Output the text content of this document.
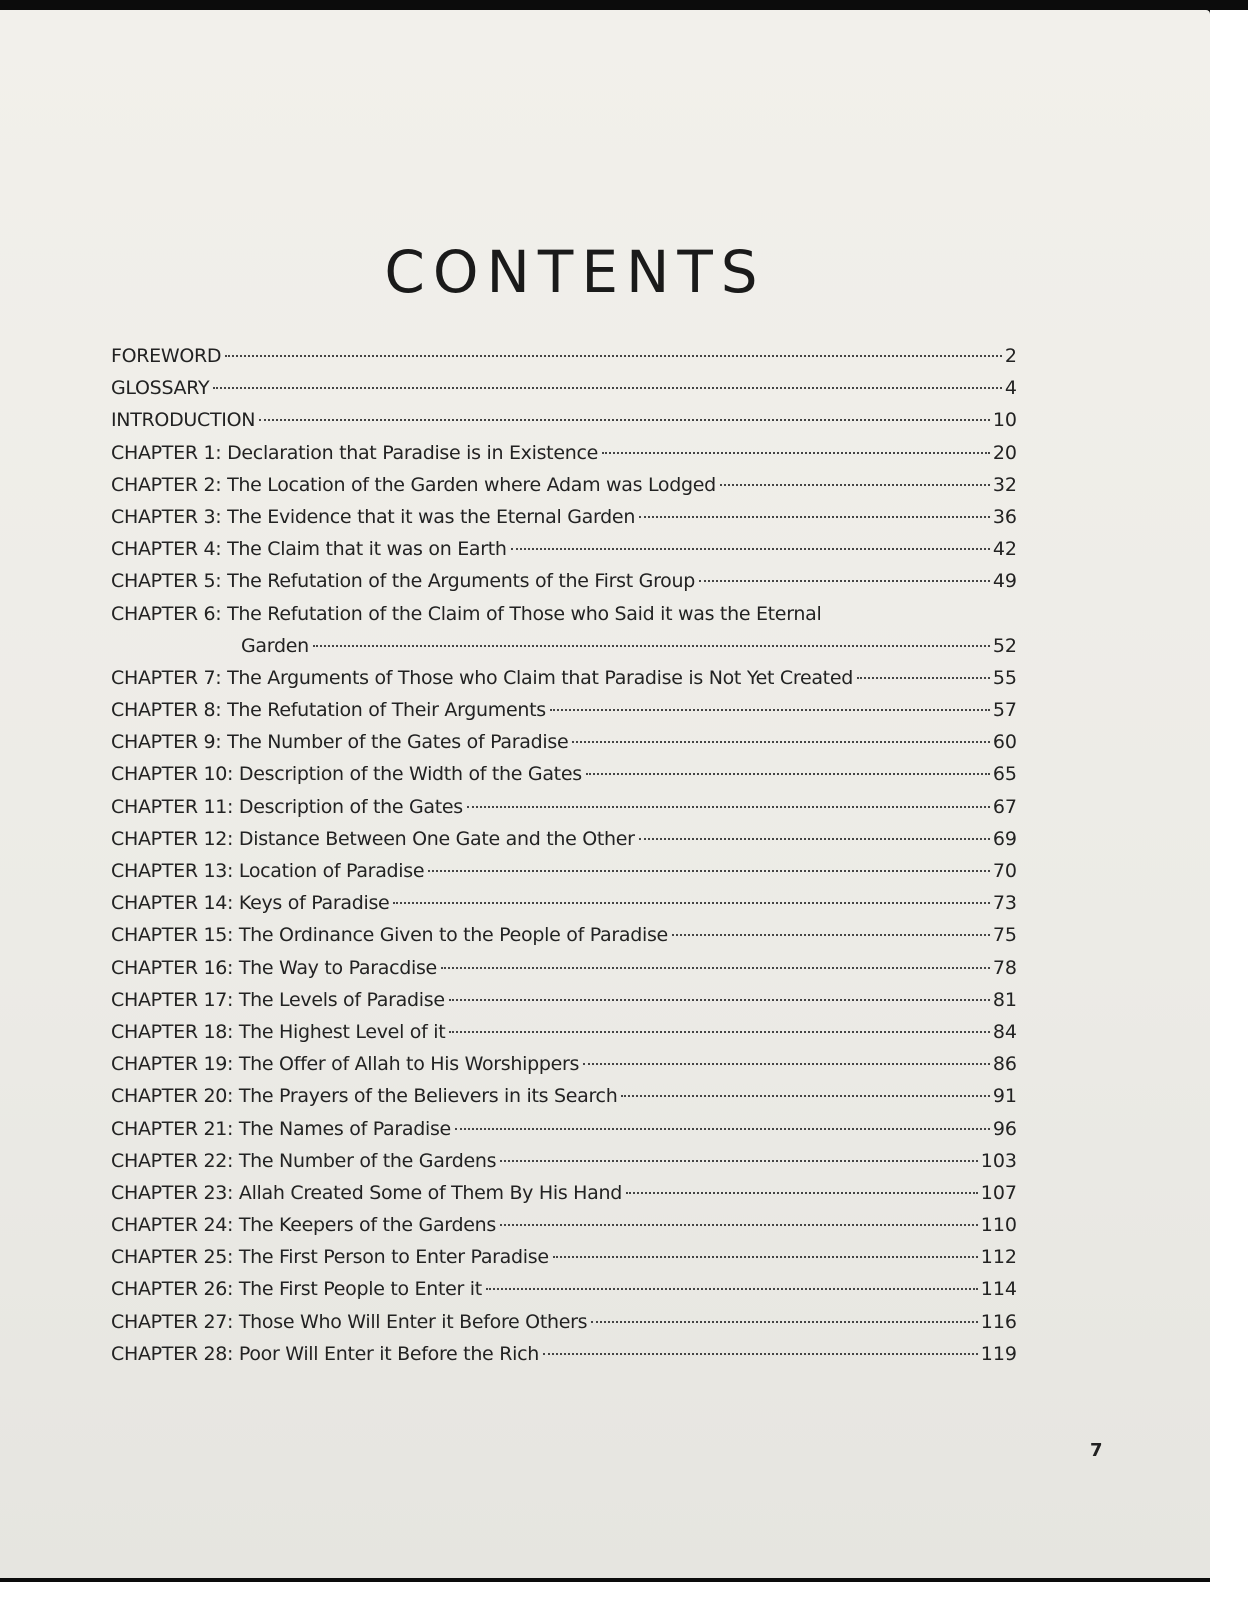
CONTENTS
FOREWORD	2
GLOSSARY	4
INTRODUCTION	10
CHAPTER 1: Declaration that Paradise is in Existence	20
CHAPTER 2: The Location of the Garden where Adam was Lodged	32
CHAPTER 3: The Evidence that it was the Eternal Garden	36
CHAPTER 4: The Claim that it was on Earth	42
CHAPTER 5: The Refutation of the Arguments of the First Group	49
CHAPTER 6: The Refutation of the Claim of Those who Said it was the Eternal
Garden	52
CHAPTER 7: The Arguments of Those who Claim that Paradise is Not Yet Created	55
CHAPTER 8: The Refutation of Their Arguments	57
CHAPTER 9: The Number of the Gates of Paradise	60
CHAPTER 10: Description of the Width of the Gates	65
CHAPTER 11: Description of the Gates	67
CHAPTER 12: Distance Between One Gate and the Other	69
CHAPTER 13: Location of Paradise	70
CHAPTER 14: Keys of Paradise	73
CHAPTER 15: The Ordinance Given to the People of Paradise	75
CHAPTER 16: The Way to Paracdise	78
CHAPTER 17: The Levels of Paradise	81
CHAPTER 18: The Highest Level of it	84
CHAPTER 19: The Offer of Allah to His Worshippers	86
CHAPTER 20: The Prayers of the Believers in its Search	91
CHAPTER 21: The Names of Paradise	96
CHAPTER 22: The Number of the Gardens	103
CHAPTER 23: Allah Created Some of Them By His Hand	107
CHAPTER 24: The Keepers of the Gardens	110
CHAPTER 25: The First Person to Enter Paradise	112
CHAPTER 26: The First People to Enter it	114
CHAPTER 27: Those Who Will Enter it Before Others	116
CHAPTER 28: Poor Will Enter it Before the Rich	119
7
